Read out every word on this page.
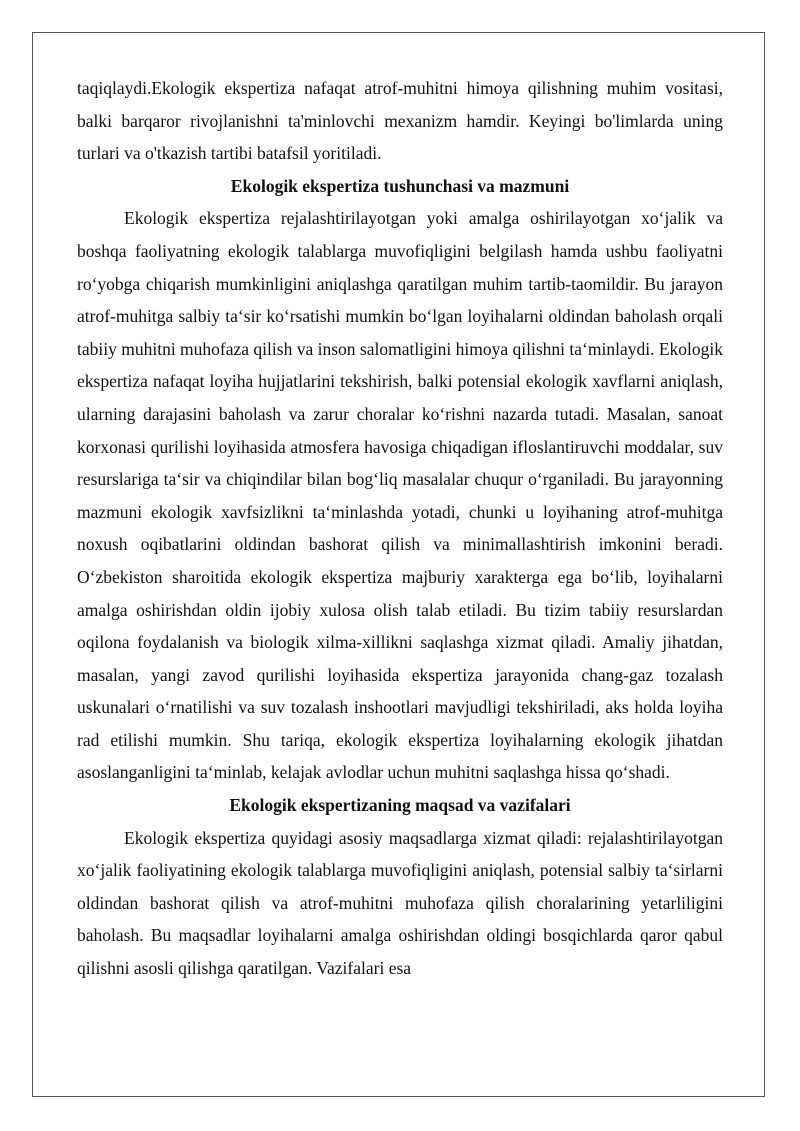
taqiqlaydi.Ekologik ekspertiza nafaqat atrof-muhitni himoya qilishning muhim vositasi, balki barqaror rivojlanishni ta'minlovchi mexanizm hamdir. Keyingi bo'limlarda uning turlari va o'tkazish tartibi batafsil yoritiladi.

Ekologik ekspertiza tushunchasi va mazmuni

Ekologik ekspertiza rejalashtirilayotgan yoki amalga oshirilayotgan xo‘jalik va boshqa faoliyatning ekologik talablarga muvofiqligini belgilash hamda ushbu faoliyatni ro‘yobga chiqarish mumkinligini aniqlashga qaratilgan muhim tartib-taomildir. Bu jarayon atrof-muhitga salbiy ta‘sir ko‘rsatishi mumkin bo‘lgan loyihalarni oldindan baholash orqali tabiiy muhitni muhofaza qilish va inson salomatligini himoya qilishni ta‘minlaydi. Ekologik ekspertiza nafaqat loyiha hujjatlarini tekshirish, balki potensial ekologik xavflarni aniqlash, ularning darajasini baholash va zarur choralar ko‘rishni nazarda tutadi. Masalan, sanoat korxonasi qurilishi loyihasida atmosfera havosiga chiqadigan ifloslantiruvchi moddalar, suv resurslariga ta‘sir va chiqindilar bilan bog‘liq masalalar chuqur o‘rganiladi. Bu jarayonning mazmuni ekologik xavfsizlikni ta‘minlashda yotadi, chunki u loyihaning atrof-muhitga noxush oqibatlarini oldindan bashorat qilish va minimallashtirish imkonini beradi. O‘zbekiston sharoitida ekologik ekspertiza majburiy xarakterga ega bo‘lib, loyihalarni amalga oshirishdan oldin ijobiy xulosa olish talab etiladi. Bu tizim tabiiy resurslardan oqilona foydalanish va biologik xilma-xillikni saqlashga xizmat qiladi. Amaliy jihatdan, masalan, yangi zavod qurilishi loyihasida ekspertiza jarayonida chang-gaz tozalash uskunalari o‘rnatilishi va suv tozalash inshootlari mavjudligi tekshiriladi, aks holda loyiha rad etilishi mumkin. Shu tariqa, ekologik ekspertiza loyihalarning ekologik jihatdan asoslanganligini ta‘minlab, kelajak avlodlar uchun muhitni saqlashga hissa qo‘shadi.

Ekologik ekspertizaning maqsad va vazifalari

Ekologik ekspertiza quyidagi asosiy maqsadlarga xizmat qiladi: rejalashtirilayotgan xo‘jalik faoliyatining ekologik talablarga muvofiqligini aniqlash, potensial salbiy ta‘sirlarni oldindan bashorat qilish va atrof-muhitni muhofaza qilish choralarining yetarliligini baholash. Bu maqsadlar loyihalarni amalga oshirishdan oldingi bosqichlarda qaror qabul qilishni asosli qilishga qaratilgan. Vazifalari esa
